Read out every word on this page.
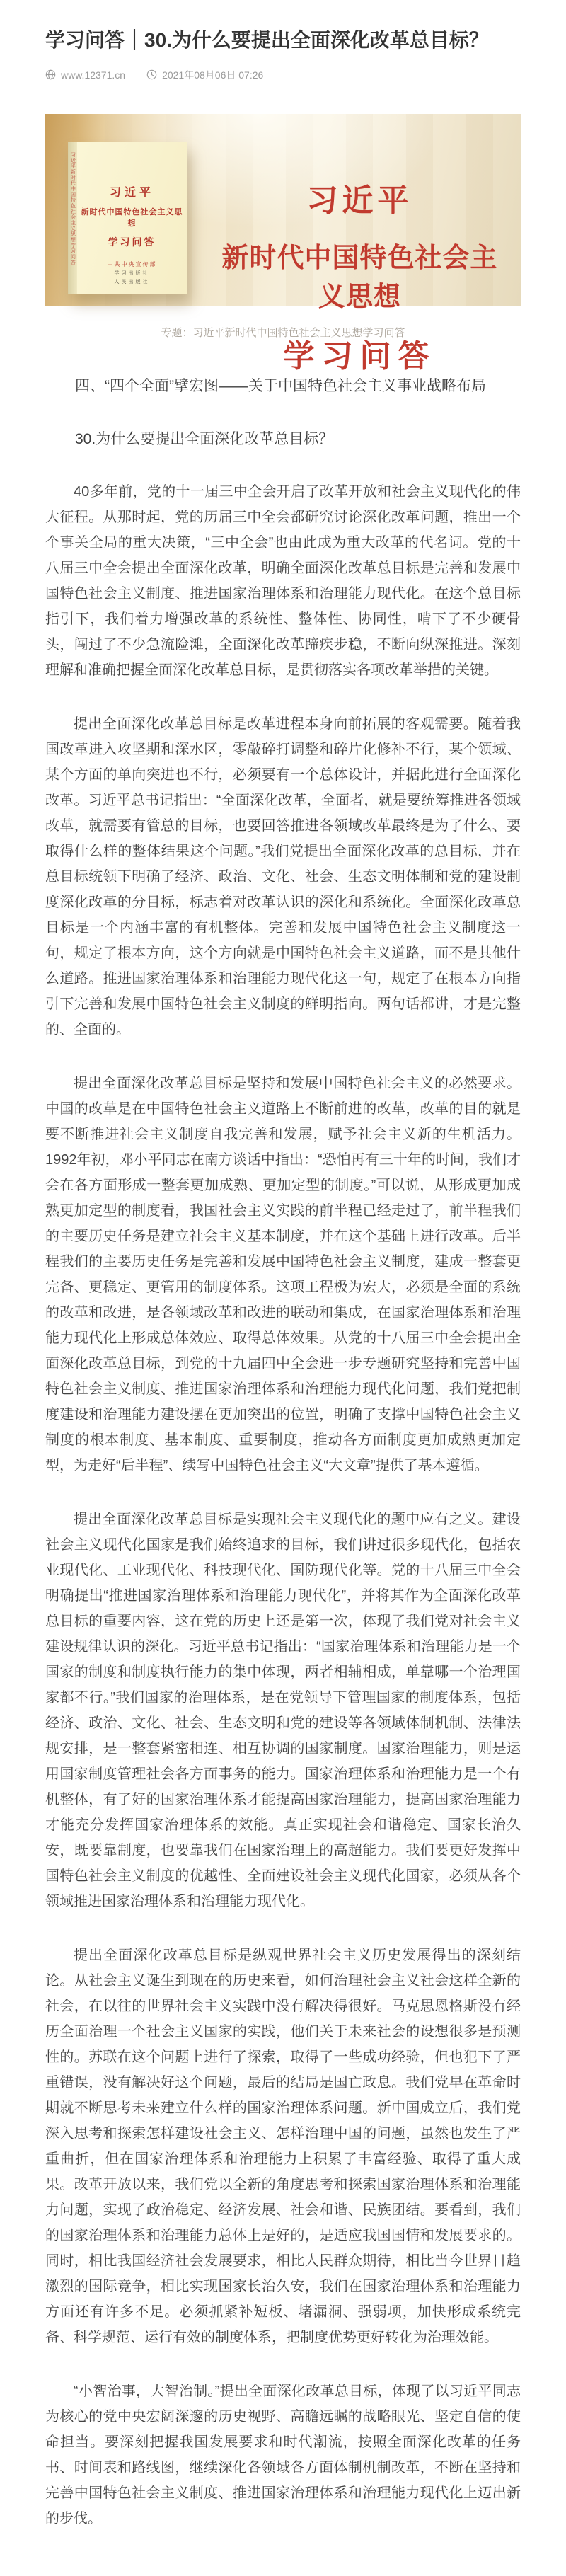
学习问答｜30.为什么要提出全面深化改革总目标？
www.12371.cn	2021年08月06日 07:26
习近平新时代中国特色社会主义思想学习问答	习近平
新时代中国特色社会主义思想
学习问答
中共中央宣传部
学习出版社
人民出版社
习近平
新时代中国特色社会主义思想
学习问答
专题：习近平新时代中国特色社会主义思想学习问答
四、“四个全面”擘宏图——关于中国特色社会主义事业战略布局
30.为什么要提出全面深化改革总目标？

40多年前，党的十一届三中全会开启了改革开放和社会主义现代化的伟大征程。从那时起，党的历届三中全会都研究讨论深化改革问题，推出一个个事关全局的重大决策，“三中全会”也由此成为重大改革的代名词。党的十八届三中全会提出全面深化改革，明确全面深化改革总目标是完善和发展中国特色社会主义制度、推进国家治理体系和治理能力现代化。在这个总目标指引下，我们着力增强改革的系统性、整体性、协同性，啃下了不少硬骨头，闯过了不少急流险滩，全面深化改革蹄疾步稳，不断向纵深推进。深刻理解和准确把握全面深化改革总目标，是贯彻落实各项改革举措的关键。

提出全面深化改革总目标是改革进程本身向前拓展的客观需要。随着我国改革进入攻坚期和深水区，零敲碎打调整和碎片化修补不行，某个领域、某个方面的单向突进也不行，必须要有一个总体设计，并据此进行全面深化改革。习近平总书记指出：“全面深化改革，全面者，就是要统筹推进各领域改革，就需要有管总的目标，也要回答推进各领域改革最终是为了什么、要取得什么样的整体结果这个问题。”我们党提出全面深化改革的总目标，并在总目标统领下明确了经济、政治、文化、社会、生态文明体制和党的建设制度深化改革的分目标，标志着对改革认识的深化和系统化。全面深化改革总目标是一个内涵丰富的有机整体。完善和发展中国特色社会主义制度这一句，规定了根本方向，这个方向就是中国特色社会主义道路，而不是其他什么道路。推进国家治理体系和治理能力现代化这一句，规定了在根本方向指引下完善和发展中国特色社会主义制度的鲜明指向。两句话都讲，才是完整的、全面的。

提出全面深化改革总目标是坚持和发展中国特色社会主义的必然要求。中国的改革是在中国特色社会主义道路上不断前进的改革，改革的目的就是要不断推进社会主义制度自我完善和发展，赋予社会主义新的生机活力。1992年初，邓小平同志在南方谈话中指出：“恐怕再有三十年的时间，我们才会在各方面形成一整套更加成熟、更加定型的制度。”可以说，从形成更加成熟更加定型的制度看，我国社会主义实践的前半程已经走过了，前半程我们的主要历史任务是建立社会主义基本制度，并在这个基础上进行改革。后半程我们的主要历史任务是完善和发展中国特色社会主义制度，建成一整套更完备、更稳定、更管用的制度体系。这项工程极为宏大，必须是全面的系统的改革和改进，是各领域改革和改进的联动和集成，在国家治理体系和治理能力现代化上形成总体效应、取得总体效果。从党的十八届三中全会提出全面深化改革总目标，到党的十九届四中全会进一步专题研究坚持和完善中国特色社会主义制度、推进国家治理体系和治理能力现代化问题，我们党把制度建设和治理能力建设摆在更加突出的位置，明确了支撑中国特色社会主义制度的根本制度、基本制度、重要制度，推动各方面制度更加成熟更加定型，为走好“后半程”、续写中国特色社会主义“大文章”提供了基本遵循。

提出全面深化改革总目标是实现社会主义现代化的题中应有之义。建设社会主义现代化国家是我们始终追求的目标，我们讲过很多现代化，包括农业现代化、工业现代化、科技现代化、国防现代化等。党的十八届三中全会明确提出“推进国家治理体系和治理能力现代化”，并将其作为全面深化改革总目标的重要内容，这在党的历史上还是第一次，体现了我们党对社会主义建设规律认识的深化。习近平总书记指出：“国家治理体系和治理能力是一个国家的制度和制度执行能力的集中体现，两者相辅相成，单靠哪一个治理国家都不行。”我们国家的治理体系，是在党领导下管理国家的制度体系，包括经济、政治、文化、社会、生态文明和党的建设等各领域体制机制、法律法规安排，是一整套紧密相连、相互协调的国家制度。国家治理能力，则是运用国家制度管理社会各方面事务的能力。国家治理体系和治理能力是一个有机整体，有了好的国家治理体系才能提高国家治理能力，提高国家治理能力才能充分发挥国家治理体系的效能。真正实现社会和谐稳定、国家长治久安，既要靠制度，也要靠我们在国家治理上的高超能力。我们要更好发挥中国特色社会主义制度的优越性、全面建设社会主义现代化国家，必须从各个领域推进国家治理体系和治理能力现代化。

提出全面深化改革总目标是纵观世界社会主义历史发展得出的深刻结论。从社会主义诞生到现在的历史来看，如何治理社会主义社会这样全新的社会，在以往的世界社会主义实践中没有解决得很好。马克思恩格斯没有经历全面治理一个社会主义国家的实践，他们关于未来社会的设想很多是预测性的。苏联在这个问题上进行了探索，取得了一些成功经验，但也犯下了严重错误，没有解决好这个问题，最后的结局是国亡政息。我们党早在革命时期就不断思考未来建立什么样的国家治理体系问题。新中国成立后，我们党深入思考和探索怎样建设社会主义、怎样治理中国的问题，虽然也发生了严重曲折，但在国家治理体系和治理能力上积累了丰富经验、取得了重大成果。改革开放以来，我们党以全新的角度思考和探索国家治理体系和治理能力问题，实现了政治稳定、经济发展、社会和谐、民族团结。要看到，我们的国家治理体系和治理能力总体上是好的，是适应我国国情和发展要求的。同时，相比我国经济社会发展要求，相比人民群众期待，相比当今世界日趋激烈的国际竞争，相比实现国家长治久安，我们在国家治理体系和治理能力方面还有许多不足。必须抓紧补短板、堵漏洞、强弱项，加快形成系统完备、科学规范、运行有效的制度体系，把制度优势更好转化为治理效能。

“小智治事，大智治制。”提出全面深化改革总目标，体现了以习近平同志为核心的党中央宏阔深邃的历史视野、高瞻远瞩的战略眼光、坚定自信的使命担当。要深刻把握我国发展要求和时代潮流，按照全面深化改革的任务书、时间表和路线图，继续深化各领域各方面体制机制改革，不断在坚持和完善中国特色社会主义制度、推进国家治理体系和治理能力现代化上迈出新的步伐。
